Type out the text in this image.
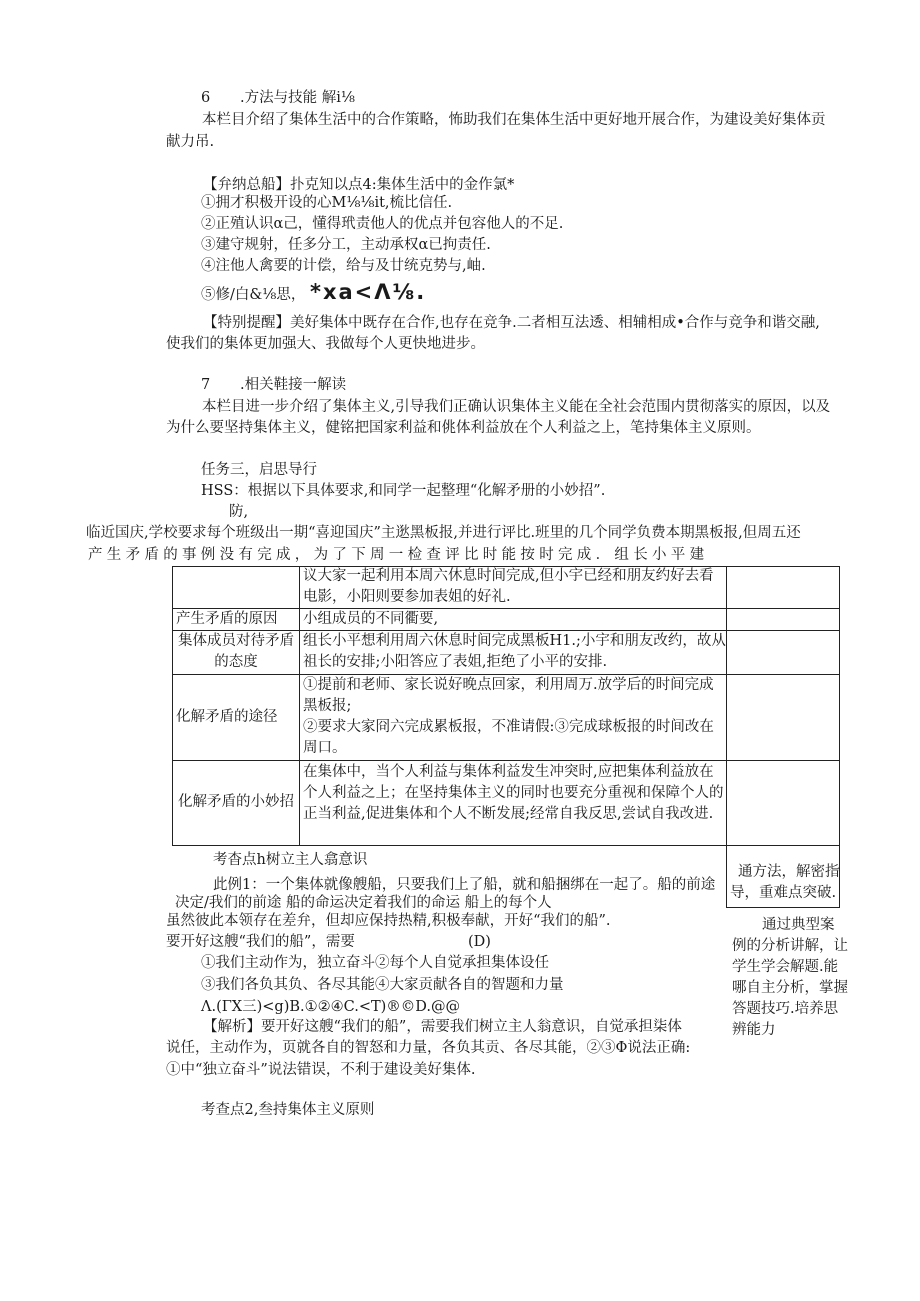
6 .方法与技能 解i⅛
本栏目介绍了集体生活中的合作策略，怖助我们在集体生活中更好地开展合作，为建设美好集体贡
献力吊.
【弁纳总船】扑克知以点4:集体生活中的金作氯*
①拥才积极开设的心M⅛⅛it,梳比信任.
②正殖认识α己，懂得玳责他人的优点并包容他人的不足.
③建守规射，任多分工，主动承权α已拘责任.
④注他人禽要的计偿，给与及廿统克势与,岫.
⑤修/白&⅛思， *xa<Λ⅛.
【特别提醒】美好集体中既存在合作,也存在竞争.二者相互法透、相辅相成•合作与竞争和谐交融,
使我们的集体更加强大、我做每个人更快地进步。
7 .相关鞋接一解读
本栏目进一步介绍了集体主义,引导我们正确认识集体主义能在全社会范围内贯彻落实的原因，以及
为什么要坚持集体主义，健铭把国家利益和佻体利益放在个人利益之上，笔持集体主义原则。
任务三，启思导行
HSS：根据以下具体要求,和同学一起整理“化解矛册的小妙招”.
防,
临近国庆,学校要求每个班级出一期“喜迎国庆”主逖黑板报,并进行评比.班里的几个同学负费本期黑板报,但周五还
产生矛盾的事例没有完成，为了下周一检查评比时能按时完成．组长小平建
议大家一起利用本周六休息时间完成,但小宇已经和朋友约好去看
电影，小阳则要参加表姐的好礼.
产生矛盾的原因 小组成员的不同衢要,
集体成员对待矛盾
的态度
组长小平想利用周六休息时间完成黑板H1.;小宇和朋友改约，故从
祖长的安排;小阳答应了表姐,拒绝了小平的安排.
化解矛盾的途径
①提前和老师、家长说好晚点回家，利用周万.放学后的时间完成
黑板报;
②要求大家冏六完成累板报，不准请假:③完成球板报的时间改在
周口。
化解矛盾的小妙招
在集体中，当个人利益与集体利益发生冲突时,应把集体利益放在
个人利益之上；在坚持集体主义的同时也要充分重视和保障个人的
正当利益,促进集体和个人不断发展;经常自我反思,尝试自我改进.
考杳点h树立主人翕意识
此例1：一个集体就像艘船，只要我们上了船，就和船捆绑在一起了。船的前途
决定/我们的前途 船的命运决定着我们的命运 船上的每个人
通方法，解密指
导，重难点突破.
虽然彼此本领存在差弁，但却应保持热精,积极奉献，开好“我们的船”.
要开好这艘“我们的船”，需要	(D)
①我们主动作为，独立奋斗②每个人自觉承担集体设任
③我们各负其负、各尽其能④大家贡献各自的智题和力量
Λ.(ΓX三)<g)B.①②④C.<T)®©D.@@
【解析】要开好这艘“我们的船”，需要我们树立主人翁意识，自觉承担柒体
说任，主动作为，页就各自的智怒和力量，各负其贡、各尽其能，②③Φ说法正确:
①中“独立奋斗”说法错误，不利于建设美好集体.
通过典型案
例的分析讲解，让
学生学会解题.能
哪自主分析，掌握
答题技巧.培养思
辨能力
考查点2,叁持集体主义原则
